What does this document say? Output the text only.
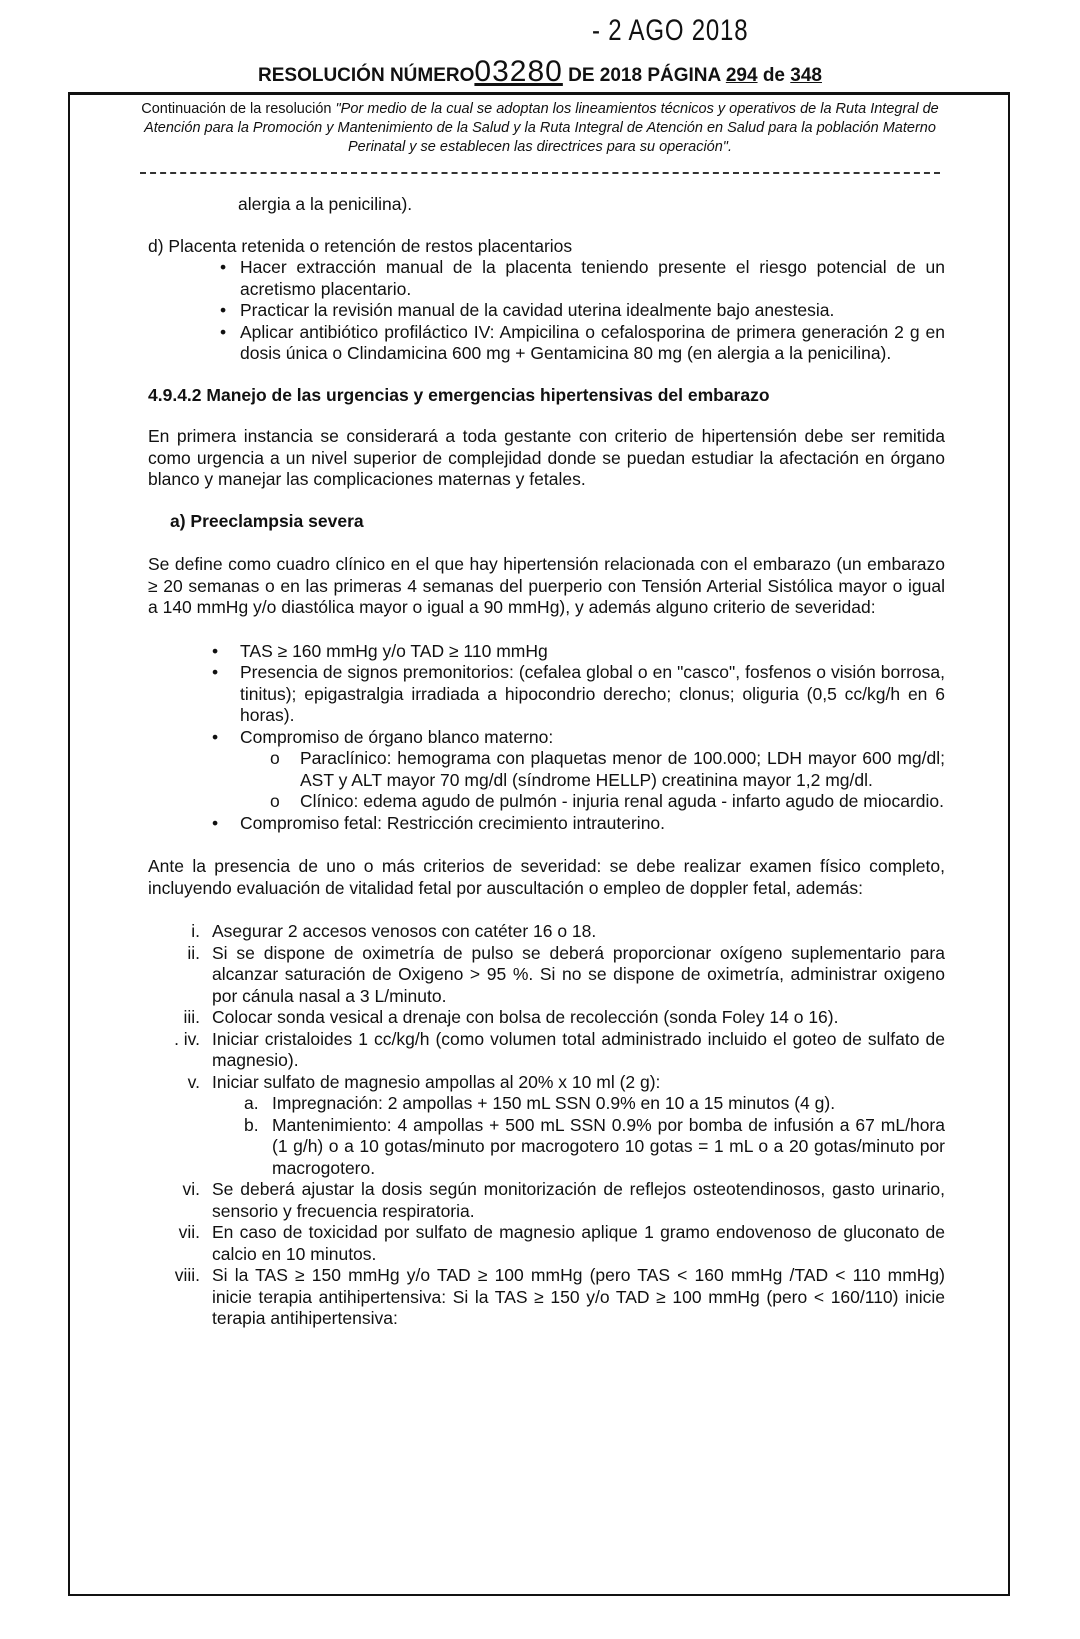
- 2 AGO 2018
RESOLUCIÓN NÚMERO03280 DE 2018 PÁGINA 294 de 348
Continuación de la resolución "Por medio de la cual se adoptan los lineamientos técnicos y operativos de la Ruta Integral de Atención para la Promoción y Mantenimiento de la Salud y la Ruta Integral de Atención en Salud para la población Materno Perinatal y se establecen las directrices para su operación".

alergia a la penicilina).

d) Placenta retenida o retención de restos placentarios

• Hacer extracción manual de la placenta teniendo presente el riesgo potencial de un acretismo placentario.
• Practicar la revisión manual de la cavidad uterina idealmente bajo anestesia.
• Aplicar antibiótico profiláctico IV: Ampicilina o cefalosporina de primera generación 2 g en dosis única o Clindamicina 600 mg + Gentamicina 80 mg (en alergia a la penicilina).
4.9.4.2 Manejo de las urgencias y emergencias hipertensivas del embarazo

En primera instancia se considerará a toda gestante con criterio de hipertensión debe ser remitida como urgencia a un nivel superior de complejidad donde se puedan estudiar la afectación en órgano blanco y manejar las complicaciones maternas y fetales.

a) Preeclampsia severa

Se define como cuadro clínico en el que hay hipertensión relacionada con el embarazo (un embarazo ≥ 20 semanas o en las primeras 4 semanas del puerperio con Tensión Arterial Sistólica mayor o igual a 140 mmHg y/o diastólica mayor o igual a 90 mmHg), y además alguno criterio de severidad:

• TAS ≥ 160 mmHg y/o TAD ≥ 110 mmHg
• Presencia de signos premonitorios: (cefalea global o en "casco", fosfenos o visión borrosa, tinitus); epigastralgia irradiada a hipocondrio derecho; clonus; oliguria (0,5 cc/kg/h en 6 horas).
• Compromiso de órgano blanco materno:
o Paraclínico: hemograma con plaquetas menor de 100.000; LDH mayor 600 mg/dl; AST y ALT mayor 70 mg/dl (síndrome HELLP) creatinina mayor 1,2 mg/dl.
o Clínico: edema agudo de pulmón - injuria renal aguda - infarto agudo de miocardio.
• Compromiso fetal: Restricción crecimiento intrauterino.

Ante la presencia de uno o más criterios de severidad: se debe realizar examen físico completo, incluyendo evaluación de vitalidad fetal por auscultación o empleo de doppler fetal, además:

i. Asegurar 2 accesos venosos con catéter 16 o 18.
ii. Si se dispone de oximetría de pulso se deberá proporcionar oxígeno suplementario para alcanzar saturación de Oxigeno > 95 %. Si no se dispone de oximetría, administrar oxigeno por cánula nasal a 3 L/minuto.
iii. Colocar sonda vesical a drenaje con bolsa de recolección (sonda Foley 14 o 16).
. iv. Iniciar cristaloides 1 cc/kg/h (como volumen total administrado incluido el goteo de sulfato de magnesio).
v. Iniciar sulfato de magnesio ampollas al 20% x 10 ml (2 g):
a. Impregnación: 2 ampollas + 150 mL SSN 0.9% en 10 a 15 minutos (4 g).
b. Mantenimiento: 4 ampollas + 500 mL SSN 0.9% por bomba de infusión a 67 mL/hora (1 g/h) o a 10 gotas/minuto por macrogotero 10 gotas = 1 mL o a 20 gotas/minuto por macrogotero.
vi. Se deberá ajustar la dosis según monitorización de reflejos osteotendinosos, gasto urinario, sensorio y frecuencia respiratoria.
vii. En caso de toxicidad por sulfato de magnesio aplique 1 gramo endovenoso de gluconato de calcio en 10 minutos.
viii. Si la TAS ≥ 150 mmHg y/o TAD ≥ 100 mmHg (pero TAS < 160 mmHg /TAD < 110 mmHg) inicie terapia antihipertensiva: Si la TAS ≥ 150 y/o TAD ≥ 100 mmHg (pero < 160/110) inicie terapia antihipertensiva:
